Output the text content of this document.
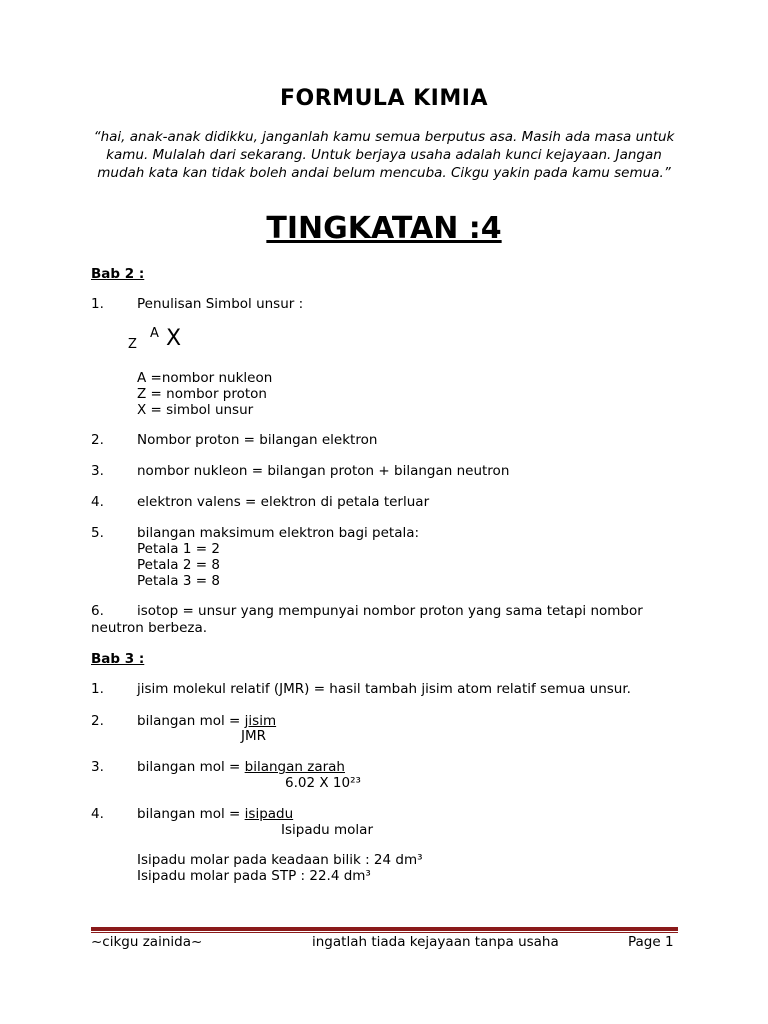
FORMULA KIMIA
“hai, anak-anak didikku, janganlah kamu semua berputus asa. Masih ada masa untuk kamu. Mulalah dari sekarang. Untuk berjaya usaha adalah kunci kejayaan. Jangan mudah kata kan tidak boleh andai belum mencuba. Cikgu yakin pada kamu semua.”
TINGKATAN :4
Bab 2 :
1. Penulisan Simbol unsur :
Z
A X
A =nombor nukleon
Z = nombor proton
X = simbol unsur
2. Nombor proton = bilangan elektron
3. nombor nukleon = bilangan proton + bilangan neutron
4. elektron valens = elektron di petala terluar
5. bilangan maksimum elektron bagi petala:
Petala 1 = 2
Petala 2 = 8
Petala 3 = 8
6. isotop = unsur yang mempunyai nombor proton yang sama tetapi nombor
neutron berbeza.
Bab 3 :
1. jisim molekul relatif (JMR) = hasil tambah jisim atom relatif semua unsur.
2. bilangan mol = jisim
JMR
3. bilangan mol = bilangan zarah
6.02 X 10²³
4. bilangan mol = isipadu
Isipadu molar
Isipadu molar pada keadaan bilik : 24 dm³
Isipadu molar pada STP : 22.4 dm³
~cikgu zainida~	ingatlah tiada kejayaan tanpa usaha	Page 1
